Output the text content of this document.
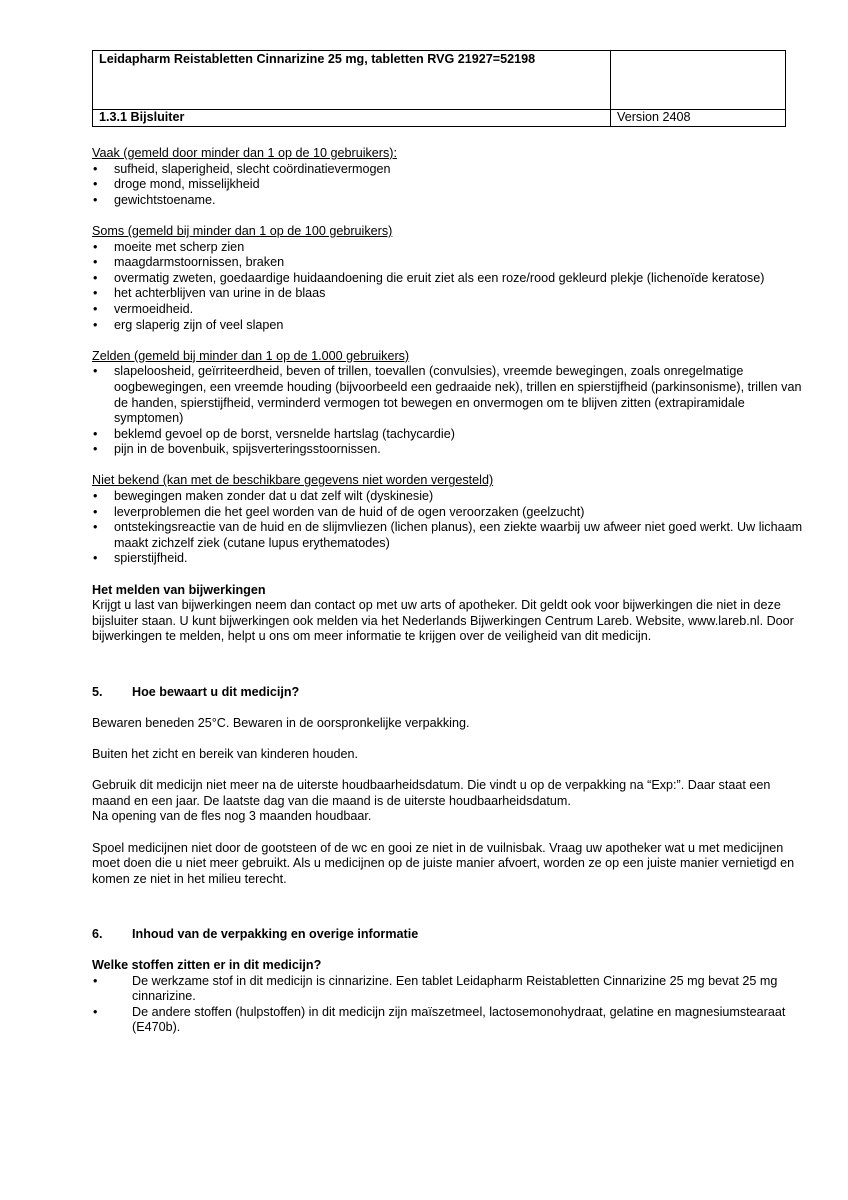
Leidapharm Reistabletten Cinnarizine 25 mg, tabletten RVG 21927=52198	
1.3.1 Bijsluiter	Version 2408

Vaak (gemeld door minder dan 1 op de 10 gebruikers):

• sufheid, slaperigheid, slecht coördinatievermogen
• droge mond, misselijkheid
• gewichtstoename.

Soms (gemeld bij minder dan 1 op de 100 gebruikers)

• moeite met scherp zien
• maagdarmstoornissen, braken
• overmatig zweten, goedaardige huidaandoening die eruit ziet als een roze/rood gekleurd plekje (lichenoïde keratose)
• het achterblijven van urine in de blaas
• vermoeidheid.
• erg slaperig zijn of veel slapen

Zelden (gemeld bij minder dan 1 op de 1.000 gebruikers)

• slapeloosheid, geïrriteerdheid, beven of trillen, toevallen (convulsies), vreemde bewegingen, zoals onregelmatige oogbewegingen, een vreemde houding (bijvoorbeeld een gedraaide nek), trillen en spierstijfheid (parkinsonisme), trillen van de handen, spierstijfheid, verminderd vermogen tot bewegen en onvermogen om te blijven zitten (extrapiramidale symptomen)
• beklemd gevoel op de borst, versnelde hartslag (tachycardie)
• pijn in de bovenbuik, spijsverteringsstoornissen.

Niet bekend (kan met de beschikbare gegevens niet worden vergesteld)

• bewegingen maken zonder dat u dat zelf wilt (dyskinesie)
• leverproblemen die het geel worden van de huid of de ogen veroorzaken (geelzucht)
• ontstekingsreactie van de huid en de slijmvliezen (lichen planus), een ziekte waarbij uw afweer niet goed werkt. Uw lichaam maakt zichzelf ziek (cutane lupus erythematodes)
• spierstijfheid.

Het melden van bijwerkingen

Krijgt u last van bijwerkingen neem dan contact op met uw arts of apotheker. Dit geldt ook voor bijwerkingen die niet in deze bijsluiter staan. U kunt bijwerkingen ook melden via het Nederlands Bijwerkingen Centrum Lareb. Website, www.lareb.nl. Door bijwerkingen te melden, helpt u ons om meer informatie te krijgen over de veiligheid van dit medicijn.

5.	Hoe bewaart u dit medicijn?

Bewaren beneden 25°C. Bewaren in de oorspronkelijke verpakking.

Buiten het zicht en bereik van kinderen houden.

Gebruik dit medicijn niet meer na de uiterste houdbaarheidsdatum. Die vindt u op de verpakking na “Exp:”. Daar staat een maand en een jaar. De laatste dag van die maand is de uiterste houdbaarheidsdatum.

Na opening van de fles nog 3 maanden houdbaar.

Spoel medicijnen niet door de gootsteen of de wc en gooi ze niet in de vuilnisbak. Vraag uw apotheker wat u met medicijnen moet doen die u niet meer gebruikt. Als u medicijnen op de juiste manier afvoert, worden ze op een juiste manier vernietigd en komen ze niet in het milieu terecht.

6.	Inhoud van de verpakking en overige informatie

Welke stoffen zitten er in dit medicijn?

•	De werkzame stof in dit medicijn is cinnarizine. Een tablet Leidapharm Reistabletten Cinnarizine 25 mg bevat 25 mg cinnarizine.
•	De andere stoffen (hulpstoffen) in dit medicijn zijn maïszetmeel, lactosemonohydraat, gelatine en magnesiumstearaat (E470b).
